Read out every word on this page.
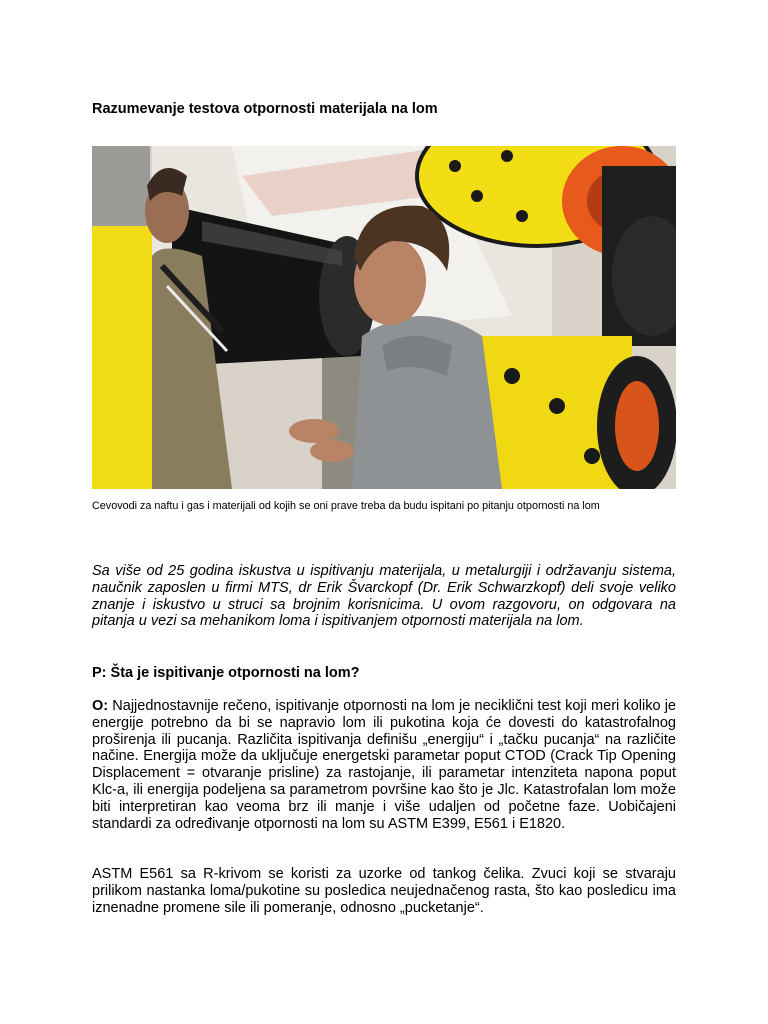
Razumevanje testova otpornosti materijala na lom
Cevovodi za naftu i gas i materijali od kojih se oni prave treba da budu ispitani po pitanju otpornosti na lom
Sa više od 25 godina iskustva u ispitivanju materijala, u metalurgiji i održavanju sistema, naučnik zaposlen u firmi MTS, dr Erik Švarckopf (Dr. Erik Schwarzkopf) deli svoje veliko znanje i iskustvo u struci sa brojnim korisnicima. U ovom razgovoru, on odgovara na pitanja u vezi sa mehanikom loma i ispitivanjem otpornosti materijala na lom.
P: Šta je ispitivanje otpornosti na lom?
O: Najjednostavnije rečeno, ispitivanje otpornosti na lom je neciklični test koji meri koliko je energije potrebno da bi se napravio lom ili pukotina koja će dovesti do katastrofalnog proširenja ili pucanja. Različita ispitivanja definišu „energiju“ i „tačku pucanja“ na različite načine. Energija može da uključuje energetski parametar poput CTOD (Crack Tip Opening Displacement = otvaranje prisline) za rastojanje, ili parametar intenziteta napona poput Klc-a, ili energija podeljena sa parametrom površine kao što je Jlc. Katastrofalan lom može biti interpretiran kao veoma brz ili manje i više udaljen od početne faze. Uobičajeni standardi za određivanje otpornosti na lom su ASTM E399, E561 i E1820.
ASTM E561 sa R-krivom se koristi za uzorke od tankog čelika. Zvuci koji se stvaraju prilikom nastanka loma/pukotine su posledica neujednačenog rasta, što kao posledicu ima iznenadne promene sile ili pomeranje, odnosno „pucketanje“.
